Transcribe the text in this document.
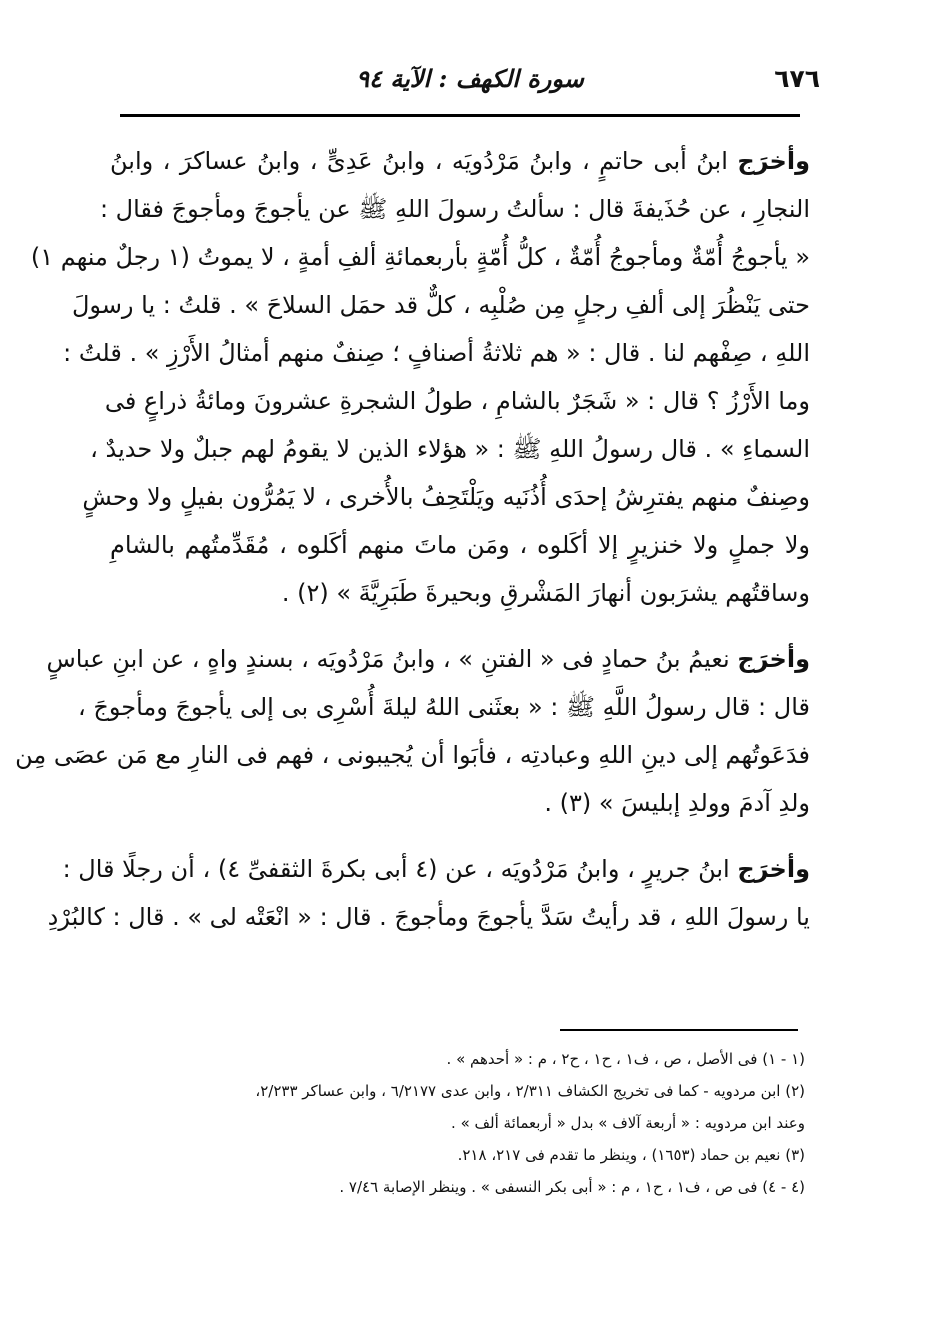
٦٧٦
سورة الكهف : الآية ٩٤
وأخرَج ابنُ أبى حاتمٍ ، وابنُ مَرْدُويَه ، وابنُ عَدِىٍّ ، وابنُ عساكرَ ، وابنُ
النجارِ ، عن حُذَيفةَ قال : سألتُ رسولَ اللهِ ﷺ عن يأجوجَ ومأجوجَ فقال :
« يأجوجُ أُمّةٌ ومأجوجُ أُمّةٌ ، كلُّ أُمّةٍ بأربعمائةِ ألفِ أمةٍ ، لا يموتُ (١ رجلٌ منهم ١)
حتى يَنْظُرَ إلى ألفِ رجلٍ مِن صُلْبِه ، كلٌّ قد حمَل السلاحَ » . قلتُ : يا رسولَ
اللهِ ، صِفْهم لنا . قال : « هم ثلاثةُ أصنافٍ ؛ صِنفٌ منهم أمثالُ الأَرْزِ » . قلتُ :
وما الأَرْزُ ؟ قال : « شَجَرٌ بالشامِ ، طولُ الشجرةِ عشرونَ ومائةُ ذراعٍ فى
السماءِ » . قال رسولُ اللهِ ﷺ : « هؤلاء الذين لا يقومُ لهم جبلٌ ولا حديدٌ ،
وصِنفٌ منهم يفترِشُ إحدَى أُذُنَيه ويَلْتَحِفُ بالأُخرى ، لا يَمُرُّون بفيلٍ ولا وحشٍ
ولا جملٍ ولا خنزيرٍ إلا أكَلوه ، ومَن ماتَ منهم أكَلوه ، مُقَدِّمتُهم بالشامِ
وساقتُهم يشرَبون أنهارَ المَشْرقِ وبحيرةَ طَبَرِيَّةَ » (٢) .
وأخرَج نعيمُ بنُ حمادٍ فى « الفتنِ » ، وابنُ مَرْدُويَه ، بسندٍ واهٍ ، عن ابنِ عباسٍ
قال : قال رسولُ اللَّهِ ﷺ : « بعثَنى اللهُ ليلةَ أُسْرِى بى إلى يأجوجَ ومأجوجَ ،
فدَعَوتُهم إلى دينِ اللهِ وعبادتِه ، فأبَوا أن يُجيبونى ، فهم فى النارِ مع مَن عصَى مِن
ولدِ آدمَ وولدِ إبليسَ » (٣) .
وأخرَج ابنُ جريرٍ ، وابنُ مَرْدُويَه ، عن (٤ أبى بكرةَ الثقفىِّ ٤) ، أن رجلًا قال :
يا رسولَ اللهِ ، قد رأيتُ سَدَّ يأجوجَ ومأجوجَ . قال : « انْعَتْه لى » . قال : كالبُرْدِ
(١ - ١) فى الأصل ، ص ، ف١ ، ح١ ، ح٢ ، م : « أحدهم » .
(٢) ابن مردويه - كما فى تخريج الكشاف ٢/٣١١ ، وابن عدى ٦/٢١٧٧ ، وابن عساكر ٢/٢٣٣،
وعند ابن مردويه : « أربعة آلاف » بدل « أربعمائة ألف » .
(٣) نعيم بن حماد (١٦٥٣) ، وينظر ما تقدم فى ٢١٧، ٢١٨.
(٤ - ٤) فى ص ، ف١ ، ح١ ، م : « أبى بكر النسفى » . وينظر الإصابة ٧/٤٦ .
